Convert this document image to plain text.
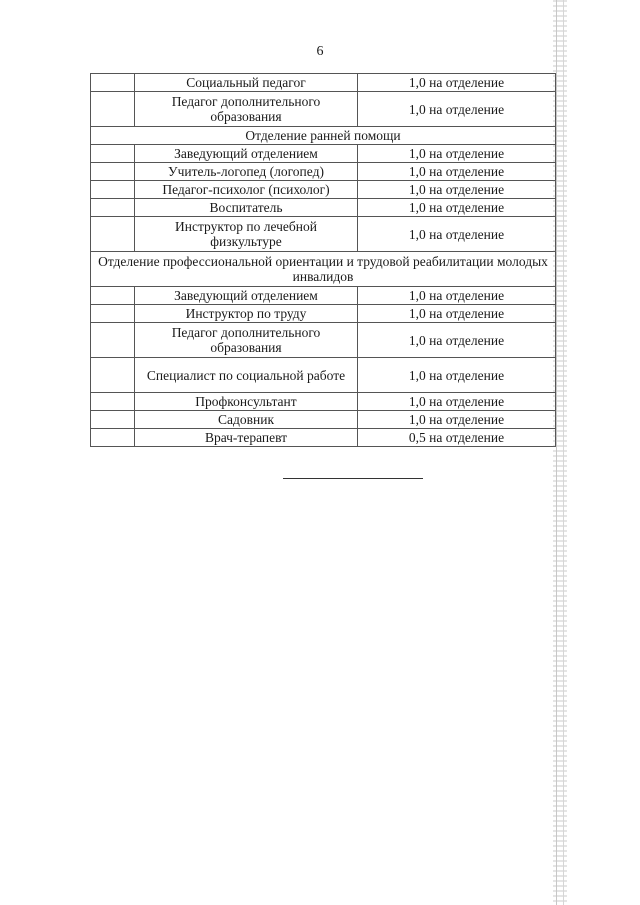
6
	Социальный педагог	1,0 на отделение
	Педагог дополнительного образования	1,0 на отделение
Отделение ранней помощи		
	Заведующий отделением	1,0 на отделение
	Учитель-логопед (логопед)	1,0 на отделение
	Педагог-психолог (психолог)	1,0 на отделение
	Воспитатель	1,0 на отделение
	Инструктор по лечебной физкультуре	1,0 на отделение
Отделение профессиональной ориентации и трудовой реабилитации молодых инвалидов		
	Заведующий отделением	1,0 на отделение
	Инструктор по труду	1,0 на отделение
	Педагог дополнительного образования	1,0 на отделение
	Специалист по социальной работе	1,0 на отделение
	Профконсультант	1,0 на отделение
	Садовник	1,0 на отделение
	Врач-терапевт	0,5 на отделение
